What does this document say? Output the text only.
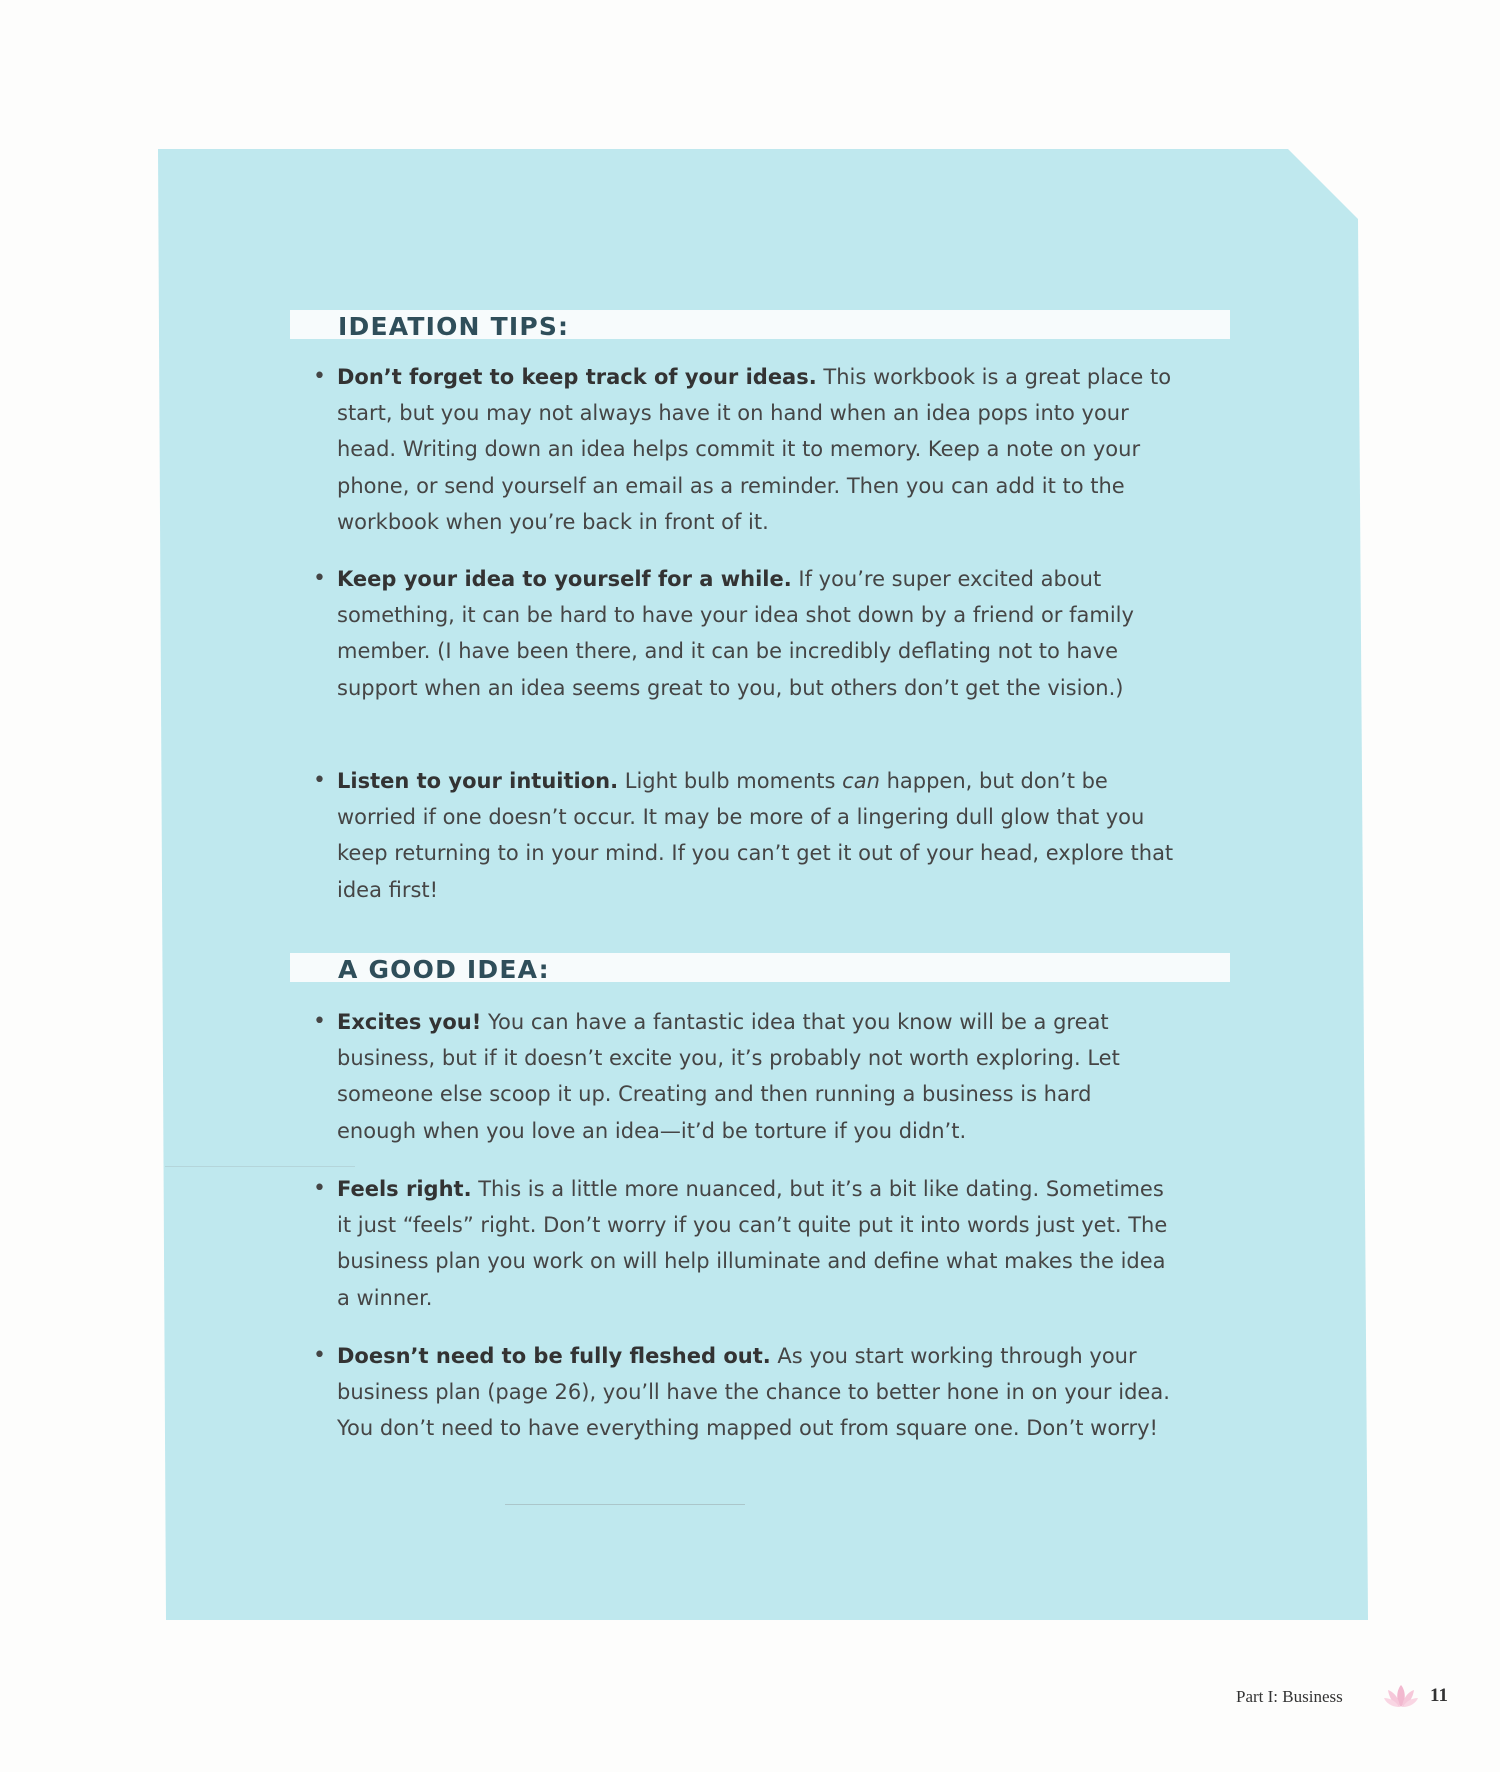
IDEATION TIPS:
• Don’t forget to keep track of your ideas. This workbook is a great place to start, but you may not always have it on hand when an idea pops into your head. Writing down an idea helps commit it to memory. Keep a note on your phone, or send yourself an email as a reminder. Then you can add it to the workbook when you’re back in front of it.
• Keep your idea to yourself for a while. If you’re super excited about something, it can be hard to have your idea shot down by a friend or family member. (I have been there, and it can be incredibly deflating not to have support when an idea seems great to you, but others don’t get the vision.)
• Listen to your intuition. Light bulb moments can happen, but don’t be worried if one doesn’t occur. It may be more of a lingering dull glow that you keep returning to in your mind. If you can’t get it out of your head, explore that idea first!
A GOOD IDEA:
• Excites you! You can have a fantastic idea that you know will be a great business, but if it doesn’t excite you, it’s probably not worth exploring. Let someone else scoop it up. Creating and then running a business is hard enough when you love an idea—it’d be torture if you didn’t.
• Feels right. This is a little more nuanced, but it’s a bit like dating. Sometimes it just “feels” right. Don’t worry if you can’t quite put it into words just yet. The business plan you work on will help illuminate and define what makes the idea a winner.
• Doesn’t need to be fully fleshed out. As you start working through your business plan (page 26), you’ll have the chance to better hone in on your idea. You don’t need to have everything mapped out from square one. Don’t worry!
Part I: Business	11
